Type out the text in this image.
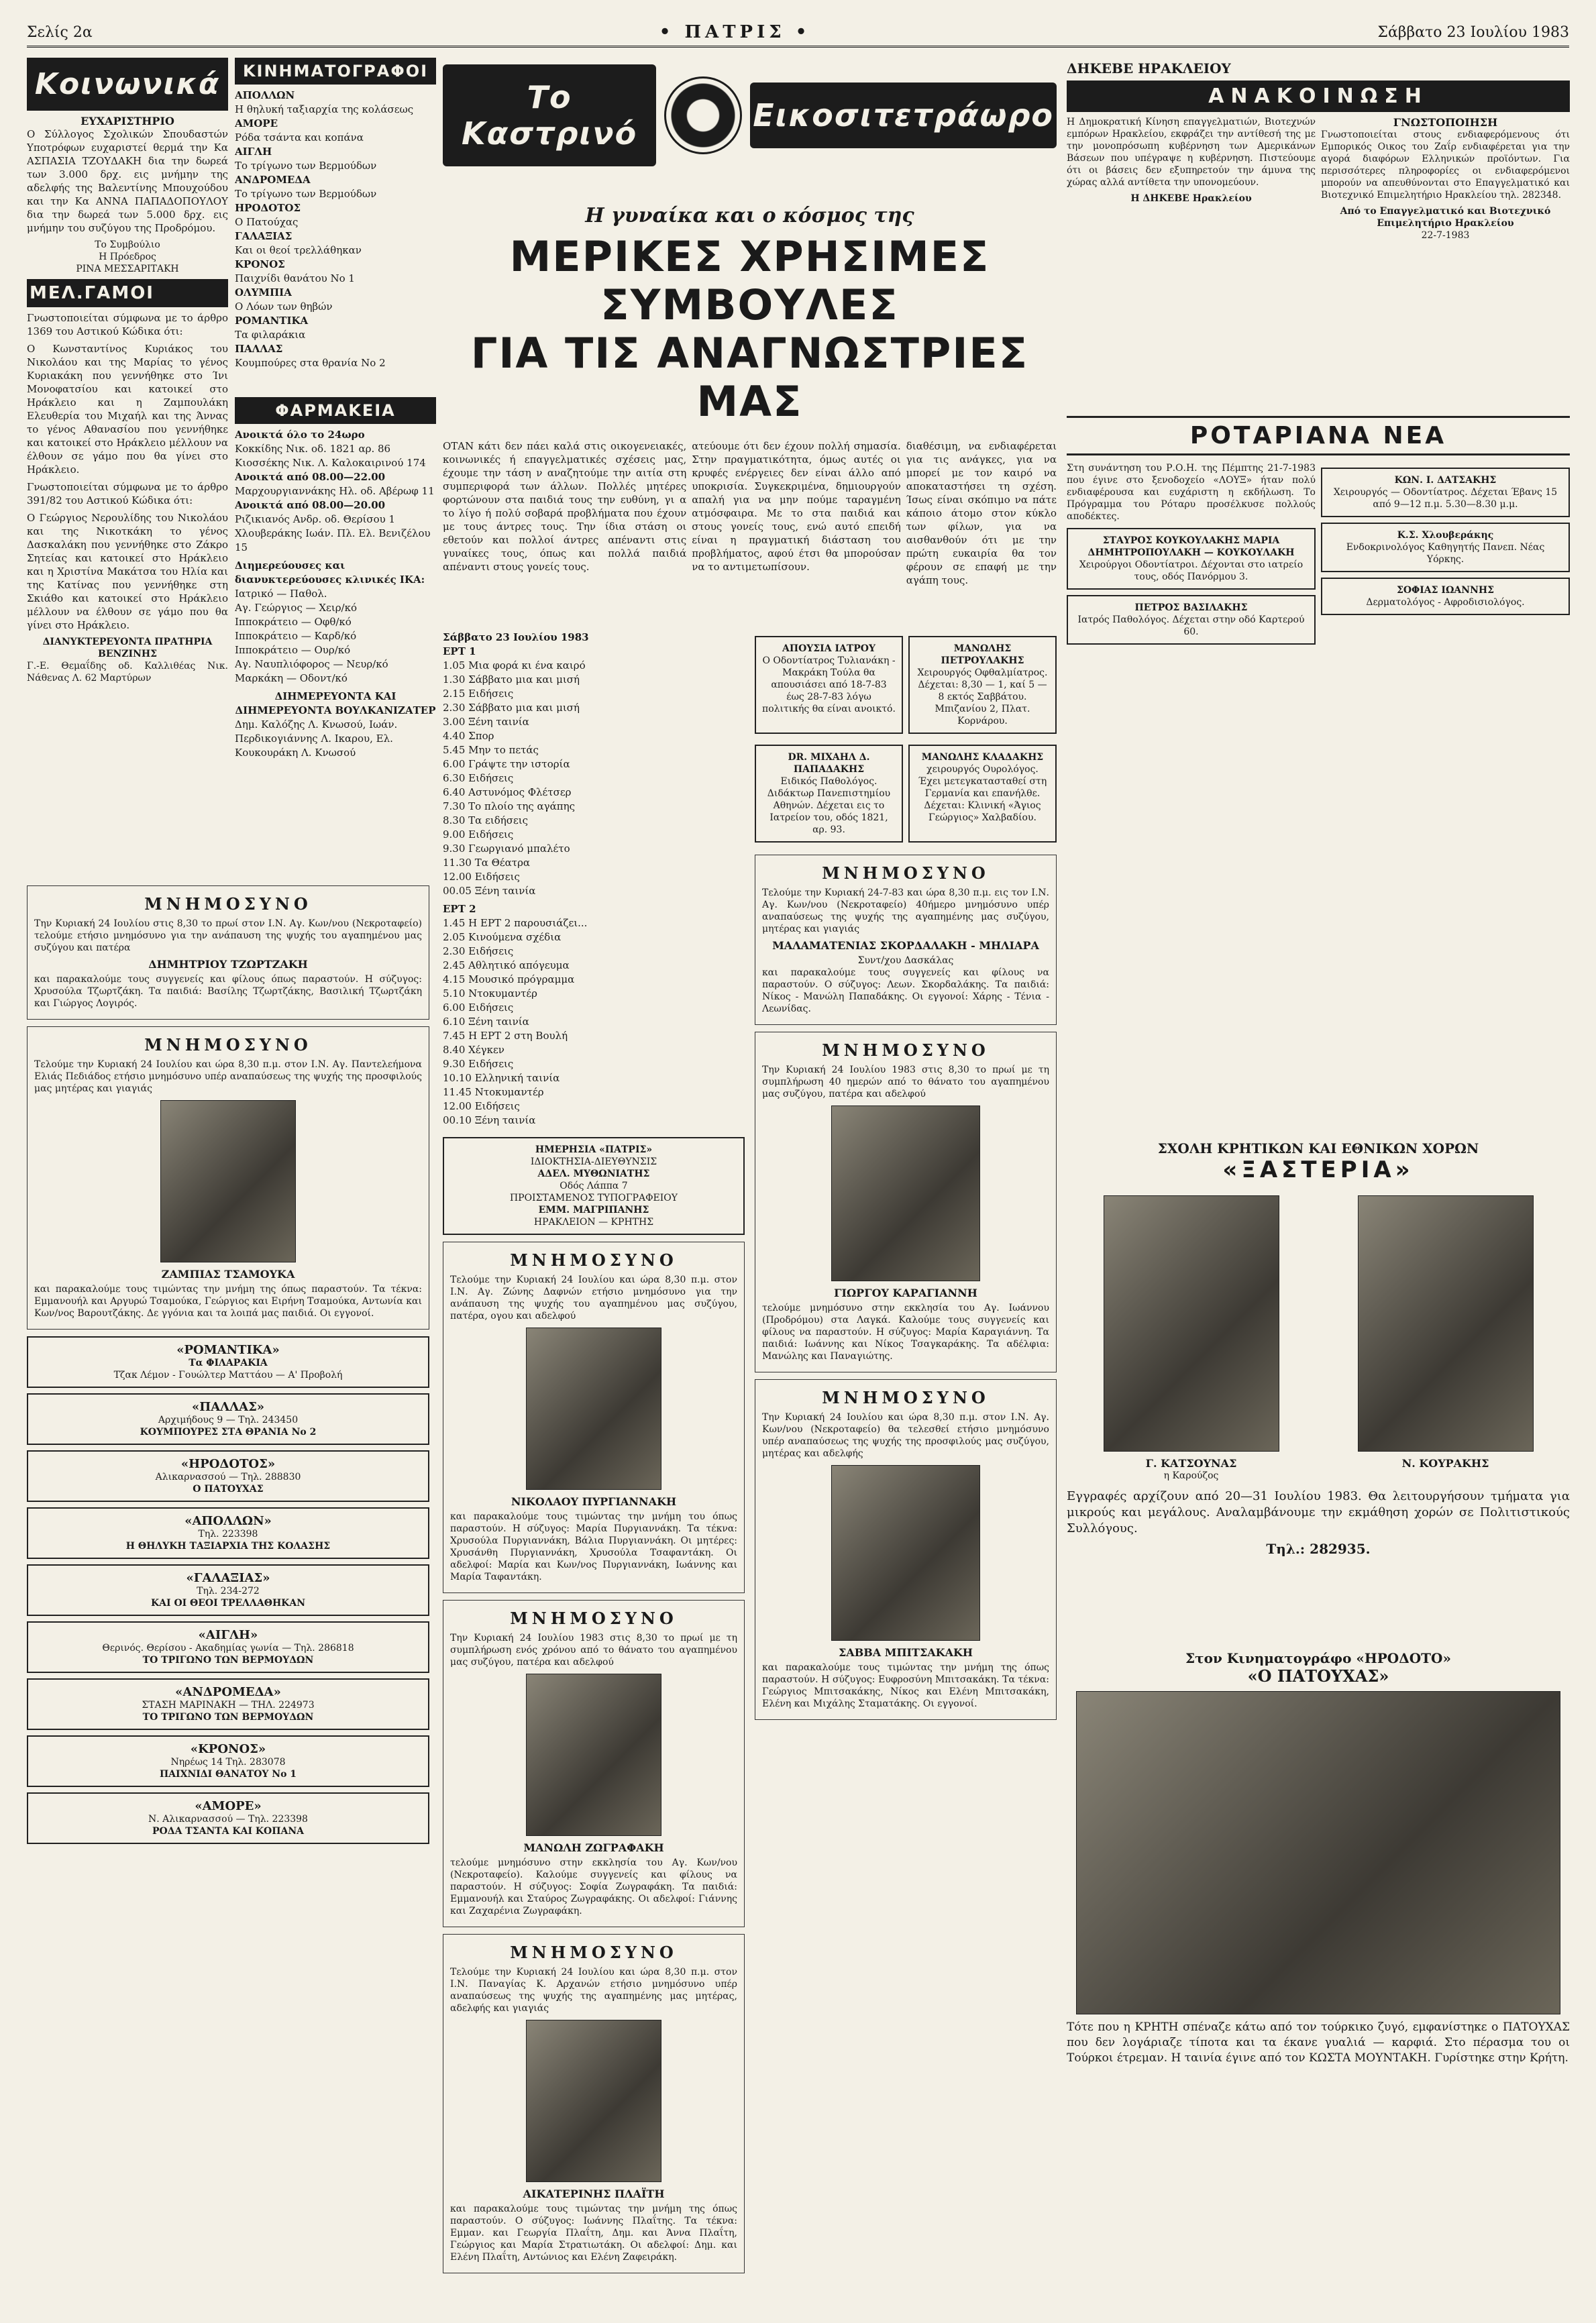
Σελίς 2α	• ΠΑΤΡΙΣ •	Σάββατο 23 Ιουλίου 1983
Κοινωνικά
ΕΥΧΑΡΙΣΤΗΡΙΟ

Ο Σύλλογος Σχολικών Σπουδαστών Υποτρόφων ευχαριστεί θερμά την Κα ΑΣΠΑΣΙΑ ΤΖΟΥΔΑΚΗ δια την δωρεά των 3.000 δρχ. εις μνήμην της αδελφής της Βαλεντίνης Μπουχούδου και την Κα ΑΝΝΑ ΠΑΠΑΔΟΠΟΥΛΟΥ δια την δωρεά των 5.000 δρχ. εις μνήμην του συζύγου της Προδρόμου.

Το Συμβούλιο
Η Πρόεδρος
ΡΙΝΑ ΜΕΣΣΑΡΙΤΑΚΗ
ΜΕΛ.ΓΑΜΟΙ

Γνωστοποιείται σύμφωνα με το άρθρο 1369 του Αστικού Κώδικα ότι:

Ο Κωνσταντίνος Κυριάκος του Νικολάου και της Μαρίας το γένος Κυριακάκη που γεννήθηκε στο Ίνι Μονοφατσίου και κατοικεί στο Ηράκλειο και η Ζαμπουλάκη Ελευθερία του Μιχαήλ και της Άννας το γένος Αθανασίου που γεννήθηκε και κατοικεί στο Ηράκλειο μέλλουν να έλθουν σε γάμο που θα γίνει στο Ηράκλειο.

Γνωστοποιείται σύμφωνα με το άρθρο 391/82 του Αστικού Κώδικα ότι:

Ο Γεώργιος Νερουλίδης του Νικολάου και της Νικοτκάκη το γένος Δασκαλάκη που γεννήθηκε στο Ζάκρο Σητείας και κατοικεί στο Ηράκλειο και η Χριστίνα Μακάτσα του Ηλία και της Κατίνας που γεννήθηκε στη Σκιάθο και κατοικεί στο Ηράκλειο μέλλουν να έλθουν σε γάμο που θα γίνει στο Ηράκλειο.

ΔΙΑΝΥΚΤΕΡΕΥΟΝΤΑ ΠΡΑΤΗΡΙΑ ΒΕΝΖΙΝΗΣ

Γ.-Ε. Θεμαΐδης οδ. Καλλιθέας Νικ. Νάθενας Λ. 62 Μαρτύρων

ΚΙΝΗΜΑΤΟΓΡΑΦΟΙ
ΑΠΟΛΛΩΝ
Η θηλυκή ταξιαρχία της κολάσεως
ΑΜΟΡΕ
Ρόδα τσάντα και κοπάνα
ΑΙΓΛΗ
Το τρίγωνο των Βερμούδων
ΑΝΔΡΟΜΕΔΑ
Το τρίγωνο των Βερμούδων
ΗΡΟΔΟΤΟΣ
Ο Πατούχας
ΓΑΛΑΞΙΑΣ
Και οι θεοί τρελλάθηκαν
ΚΡΟΝΟΣ
Παιχνίδι θανάτου Νο 1
ΟΛΥΜΠΙΑ
Ο Λόων των θηβών
ΡΟΜΑΝΤΙΚΑ
Τα φιλαράκια
ΠΑΛΛΑΣ
Κουμπούρες στα θρανία Νο 2
ΦΑΡΜΑΚΕΙΑ
Ανοικτά όλο το 24ωρο
Κοκκίδης Νικ. οδ. 1821 αρ. 86
Κιοσσέκης Νικ. Λ. Καλοκαιρινού 174
Ανοικτά από 08.00—22.00
Μαρχουργιαννάκης Ηλ. οδ. Αβέρωφ 11
Ανοικτά από 08.00—20.00
Ριζικιανός Ανδρ. οδ. Θερίσου 1
Χλουβεράκης Ιωάν. Πλ. Ελ. Βενιζέλου 15
Διημερεύουσες και διανυκτερεύουσες κλινικές ΙΚΑ:
Ιατρικό — Παθολ.
Αγ. Γεώργιος — Χειρ/κό
Ιπποκράτειο — Οφθ/κό
Ιπποκράτειο — Καρδ/κό
Ιπποκράτειο — Ουρ/κό
Αγ. Ναυπλιόφορος — Νευρ/κό
Μαρκάκη — Οδοντ/κό
ΔΙΗΜΕΡΕΥΟΝΤΑ ΚΑΙ ΔΙΗΜΕΡΕΥΟΝΤΑ ΒΟΥΛΚΑΝΙΖΑΤΕΡ
Δημ. Καλόζης Λ. Κνωσού, Ιωάν. Περδικογιάννης Λ. Ικαρου, Ελ. Κουκουράκη Λ. Κνωσού
Το Καστρινό	Εικοσιτετράωρο
Η γυναίκα και ο κόσμος της
ΜΕΡΙΚΕΣ ΧΡΗΣΙΜΕΣ ΣΥΜΒΟΥΛΕΣ
ΓΙΑ ΤΙΣ ΑΝΑΓΝΩΣΤΡΙΕΣ ΜΑΣ

ΟΤΑΝ κάτι δεν πάει καλά στις οικογενειακές, κοινωνικές ή επαγγελματικές σχέσεις μας, έχουμε την τάση ν αναζητούμε την αιτία στη συμπεριφορά των άλλων. Πολλές μητέρες φορτώνουν στα παιδιά τους την ευθύνη, γι α το λίγο ή πολύ σοβαρά προβλήματα που έχουν με τους άντρες τους. Την ίδια στάση οι εθετούν και πολλοί άντρες απέναντι στις γυναίκες τους, όπως και πολλά παιδιά απέναντι στους γονείς τους.

ατεύουμε ότι δεν έχουν πολλή σημασία. Στην πραγματικότητα, όμως αυτές οι κρυφές ενέργειες δεν είναι άλλο από υποκρισία. Συγκεκριμένα, δημιουργούν απαλή για να μην πούμε ταραγμένη ατμόσφαιρα. Με το στα παιδιά και στους γονείς τους, ενώ αυτό επειδή είναι η πραγματική διάσταση του προβλήματος, αφού έτσι θα μπορούσαν να το αντιμετωπίσουν.

διαθέσιμη, να ενδιαφέρεται για τις ανάγκες, για να μπορεί με τον καιρό να αποκαταστήσει τη σχέση. Ίσως είναι σκόπιμο να πάτε κάποιο άτομο στον κύκλο των φίλων, για να αισθανθούν ότι με την πρώτη ευκαιρία θα τον φέρουν σε επαφή με την αγάπη τους.

Σάββατο 23 Ιουλίου 1983
ΕΡΤ 1
1.05 Μια φορά κι ένα καιρό
1.30 Σάββατο μια και μισή
2.15 Ειδήσεις
2.30 Σάββατο μια και μισή
3.00 Ξένη ταινία
4.40 Σπορ
5.45 Μην το πετάς
6.00 Γράψτε την ιστορία
6.30 Ειδήσεις
6.40 Αστυνόμος Φλέτσερ
7.30 Το πλοίο της αγάπης
8.30 Τα ειδήσεις
9.00 Ειδήσεις
9.30 Γεωργιανό μπαλέτο
11.30 Τα Θέατρα
12.00 Ειδήσεις
00.05 Ξένη ταινία
ΕΡΤ 2
1.45 Η ΕΡΤ 2 παρουσιάζει...
2.05 Κινούμενα σχέδια
2.30 Ειδήσεις
2.45 Αθλητικό απόγευμα
4.15 Μουσικό πρόγραμμα
5.10 Ντοκυμαντέρ
6.00 Ειδήσεις
6.10 Ξένη ταινία
7.45 Η ΕΡΤ 2 στη Βουλή
8.40 Χέγκεν
9.30 Ειδήσεις
10.10 Ελληνική ταινία
11.45 Ντοκυμαντέρ
12.00 Ειδήσεις
00.10 Ξένη ταινία
ΗΜΕΡΗΣΙΑ «ΠΑΤΡΙΣ»
ΙΔΙΟΚΤΗΣΙΑ-ΔΙΕΥΘΥΝΣΙΣ
ΑΔΕΛ. ΜΥΘΩΝΙΑΤΗΣ
Οδός Λάππα 7
ΠΡΟΙΣΤΑΜΕΝΟΣ ΤΥΠΟΓΡΑΦΕΙΟΥ
ΕΜΜ. ΜΑΓΡΙΠΑΝΗΣ
ΗΡΑΚΛΕΙΟΝ — ΚΡΗΤΗΣ
ΜΝΗΜΟΣΥΝΟ

Τελούμε την Κυριακή 24 Ιουλίου και ώρα 8,30 π.μ. στον Ι.Ν. Αγ. Ζώνης Δαφνών ετήσιο μνημόσυνο για την ανάπαυση της ψυχής του αγαπημένου μας συζύγου, πατέρα, ογου και αδελφού

ΝΙΚΟΛΑΟΥ ΠΥΡΓΙΑΝΝΑΚΗ

και παρακαλούμε τους τιμώντας την μνήμη του όπως παραστούν. Η σύζυγος: Μαρία Πυργιαννάκη. Τα τέκνα: Χρυσούλα Πυργιαννάκη, Βάλια Πυργιαννάκη. Οι μητέρες: Χρυσάνθη Πυργιαννάκη, Χρυσούλα Τσαφαντάκη. Οι αδελφοί: Μαρία και Κων/νος Πυργιαννάκη, Ιωάννης και Μαρία Ταφαντάκη.

ΜΝΗΜΟΣΥΝΟ

Την Κυριακή 24 Ιουλίου 1983 στις 8,30 το πρωί με τη συμπλήρωση ενός χρόνου από το θάνατο του αγαπημένου μας συζύγου, πατέρα και αδελφού

ΜΑΝΩΛΗ ΖΩΓΡΑΦΑΚΗ

τελούμε μνημόσυνο στην εκκλησία του Αγ. Κων/νου (Νεκροταφείο). Καλούμε συγγενείς και φίλους να παραστούν. Η σύζυγος: Σοφία Ζωγραφάκη. Τα παιδιά: Εμμανουήλ και Σταύρος Ζωγραφάκης. Οι αδελφοί: Γιάννης και Ζαχαρένια Ζωγραφάκη.

ΜΝΗΜΟΣΥΝΟ

Τελούμε την Κυριακή 24 Ιουλίου και ώρα 8,30 π.μ. στον Ι.Ν. Παναγίας Κ. Αρχανών ετήσιο μνημόσυνο υπέρ αναπαύσεως της ψυχής της αγαπημένης μας μητέρας, αδελφής και γιαγιάς

ΑΙΚΑΤΕΡΙΝΗΣ ΠΛΑΪΤΗ

και παρακαλούμε τους τιμώντας την μνήμη της όπως παραστούν. Ο σύζυγος: Ιωάννης Πλαΐτης. Τα τέκνα: Εμμαν. και Γεωργία Πλαΐτη, Δημ. και Άννα Πλαΐτη, Γεώργιος και Μαρία Στρατιωτάκη. Οι αδελφοί: Δημ. και Ελένη Πλαΐτη, Αντώνιος και Ελένη Ζαφειράκη.

ΜΝΗΜΟΣΥΝΟ

Την Κυριακή 24 Ιουλίου στις 8,30 το πρωί στον Ι.Ν. Αγ. Κων/νου (Νεκροταφείο) τελούμε ετήσιο μνημόσυνο για την ανάπαυση της ψυχής του αγαπημένου μας συζύγου και πατέρα

ΔΗΜΗΤΡΙΟΥ ΤΖΩΡΤΖΑΚΗ

και παρακαλούμε τους συγγενείς και φίλους όπως παραστούν. Η σύζυγος: Χρυσούλα Τζωρτζάκη. Τα παιδιά: Βασίλης Τζωρτζάκης, Βασιλική Τζωρτζάκη και Γιώργος Λογιρός.

ΜΝΗΜΟΣΥΝΟ

Τελούμε την Κυριακή 24 Ιουλίου και ώρα 8,30 π.μ. στον Ι.Ν. Αγ. Παντελεήμονα Ελιάς Πεδιάδος ετήσιο μνημόσυνο υπέρ αναπαύσεως της ψυχής της προσφιλούς μας μητέρας και γιαγιάς

ΖΑΜΠΙΑΣ ΤΣΑΜΟΥΚΑ

και παρακαλούμε τους τιμώντας την μνήμη της όπως παραστούν. Τα τέκνα: Εμμανουήλ και Αργυρώ Τσαμούκα, Γεώργιος και Ειρήνη Τσαμούκα, Αντωνία και Κων/νος Βαρουτζάκης. Δε γγόνια και τα λοιπά μας παιδιά. Οι εγγονοί.

«ΡΟΜΑΝΤΙΚΑ»
Τα ΦΙΛΑΡΑΚΙΑ
Τζακ Λέμον - Γουώλτερ Ματτάου — Α' Προβολή
«ΠΑΛΛΑΣ»
Αρχιμήδους 9 — Τηλ. 243450
ΚΟΥΜΠΟΥΡΕΣ ΣΤΑ ΘΡΑΝΙΑ Νο 2
«ΗΡΟΔΟΤΟΣ»
Αλικαρνασσού — Τηλ. 288830
Ο ΠΑΤΟΥΧΑΣ
«ΑΠΟΛΛΩΝ»
Τηλ. 223398
Η ΘΗΛΥΚΗ ΤΑΞΙΑΡΧΙΑ ΤΗΣ ΚΟΛΑΣΗΣ
«ΓΑΛΑΞΙΑΣ»
Τηλ. 234-272
ΚΑΙ ΟΙ ΘΕΟΙ ΤΡΕΛΛΑΘΗΚΑΝ
«ΑΙΓΛΗ»
Θερινός. Θερίσου - Ακαδημίας γωνία — Τηλ. 286818
ΤΟ ΤΡΙΓΩΝΟ ΤΩΝ ΒΕΡΜΟΥΔΩΝ
«ΑΝΔΡΟΜΕΔΑ»
ΣΤΑΣΗ ΜΑΡΙΝΑΚΗ — ΤΗΛ. 224973
ΤΟ ΤΡΙΓΩΝΟ ΤΩΝ ΒΕΡΜΟΥΔΩΝ
«ΚΡΟΝΟΣ»
Νηρέως 14 Τηλ. 283078
ΠΑΙΧΝΙΔΙ ΘΑΝΑΤΟΥ Νο 1
«ΑΜΟΡΕ»
Ν. Αλικαρνασσού — Τηλ. 223398
ΡΟΔΑ ΤΣΑΝΤΑ ΚΑΙ ΚΟΠΑΝΑ
ΑΠΟΥΣΙΑ ΙΑΤΡΟΥ
Ο Οδοντίατρος Τυλιανάκη - Μακράκη Τούλα θα απουσιάσει από 18-7-83 έως 28-7-83 λόγω πολιτικής θα είναι ανοικτό.
ΜΑΝΩΛΗΣ ΠΕΤΡΟΥΛΑΚΗΣ
Χειρουργός Οφθαλμίατρος. Δέχεται: 8,30 — 1, καί 5 — 8 εκτός Σαββάτου. Μπιζανίου 2, Πλατ. Κορνάρου.
DR. ΜΙΧΑΗΛ Δ. ΠΑΠΑΔΑΚΗΣ
Ειδικός Παθολόγος. Διδάκτωρ Πανεπιστημίου Αθηνών. Δέχεται εις το Ιατρείον του, οδός 1821, αρ. 93.
ΜΑΝΩΛΗΣ ΚΛΑΔΑΚΗΣ
χειρουργός Ουρολόγος. Έχει μετεγκατασταθεί στη Γερμανία και επανήλθε. Δέχεται: Κλινική «Άγιος Γεώργιος» Χαλβαδίου.
ΜΝΗΜΟΣΥΝΟ

Τελούμε την Κυριακή 24-7-83 και ώρα 8,30 π.μ. εις τον Ι.Ν. Αγ. Κων/νου (Νεκροταφείο) 40ήμερο μνημόσυνο υπέρ αναπαύσεως της ψυχής της αγαπημένης μας συζύγου, μητέρας και γιαγιάς

ΜΑΛΑΜΑΤΕΝΙΑΣ ΣΚΟΡΔΑΛΑΚΗ - ΜΗΛΙΑΡΑ
Συντ/χου Δασκάλας

και παρακαλούμε τους συγγενείς και φίλους να παραστούν. Ο σύζυγος: Λεων. Σκορδαλάκης. Τα παιδιά: Νίκος - Μανώλη Παπαδάκης. Οι εγγονοί: Χάρης - Τένια - Λεωνίδας.

ΜΝΗΜΟΣΥΝΟ

Την Κυριακή 24 Ιουλίου 1983 στις 8,30 το πρωί με τη συμπλήρωση 40 ημερών από το θάνατο του αγαπημένου μας συζύγου, πατέρα και αδελφού

ΓΙΩΡΓΟΥ ΚΑΡΑΓΙΑΝΝΗ

τελούμε μνημόσυνο στην εκκλησία του Αγ. Ιωάννου (Προδρόμου) στα Λαγκά. Καλούμε τους συγγενείς και φίλους να παραστούν. Η σύζυγος: Μαρία Καραγιάννη. Τα παιδιά: Ιωάννης και Νίκος Τσαγκαράκης. Τα αδέλφια: Μανώλης και Παναγιώτης.

ΜΝΗΜΟΣΥΝΟ

Την Κυριακή 24 Ιουλίου και ώρα 8,30 π.μ. στον Ι.Ν. Αγ. Κων/νου (Νεκροταφείο) θα τελεσθεί ετήσιο μνημόσυνο υπέρ αναπαύσεως της ψυχής της προσφιλούς μας συζύγου, μητέρας και αδελφής

ΣΑΒΒΑ ΜΠΙΤΣΑΚΑΚΗ

και παρακαλούμε τους τιμώντας την μνήμη της όπως παραστούν. Η σύζυγος: Ευφροσύνη Μπιτσακάκη. Τα τέκνα: Γεώργιος Μπιτσακάκης, Νίκος και Ελένη Μπιτσακάκη, Ελένη και Μιχάλης Σταματάκης. Οι εγγονοί.

ΔΗΚΕΒΕ ΗΡΑΚΛΕΙΟΥ
ΑΝΑΚΟΙΝΩΣΗ

Η Δημοκρατική Κίνηση επαγγελματιών, Βιοτεχνών εμπόρων Ηρακλείου, εκφράζει την αντίθεσή της με την μονοπρόσωπη κυβέρνηση των Αμερικάνων Βάσεων που υπέγραψε η κυβέρνηση. Πιστεύουμε ότι οι βάσεις δεν εξυπηρετούν την άμυνα της χώρας αλλά αντίθετα την υπονομεύουν.

Η ΔΗΚΕΒΕ Ηρακλείου
ΓΝΩΣΤΟΠΟΙΗΣΗ

Γνωστοποιείται στους ενδιαφερόμενους ότι Εμπορικός Οικος του Ζαΐρ ενδιαφέρεται για την αγορά διαφόρων Ελληνικών προϊόντων. Για περισσότερες πληροφορίες οι ενδιαφερόμενοι μπορούν να απευθύνονται στο Επαγγελματικό και Βιοτεχνικό Επιμελητήριο Ηρακλείου τηλ. 282348.

Από το Επαγγελματικό και Βιοτεχνικό Επιμελητήριο Ηρακλείου
22-7-1983
ΡΟΤΑΡΙΑΝΑ ΝΕΑ

Στη συνάντηση του Ρ.Ο.Η. της Πέμπτης 21-7-1983 που έγινε στο ξενοδοχείο «ΛΟΥΞ» ήταν πολύ ενδιαφέρουσα και ευχάριστη η εκδήλωση. Το Πρόγραμμα του Ρόταρυ προσέλκυσε πολλούς αποδέκτες.

ΣΤΑΥΡΟΣ ΚΟΥΚΟΥΛΑΚΗΣ ΜΑΡΙΑ ΔΗΜΗΤΡΟΠΟΥΛΑΚΗ — ΚΟΥΚΟΥΛΑΚΗ
Χειρούργοι Οδοντίατροι. Δέχονται στο ιατρείο τους, οδός Πανόρμου 3.
ΠΕΤΡΟΣ ΒΑΣΙΛΑΚΗΣ
Ιατρός Παθολόγος. Δέχεται στην οδό Καρτερού 60.
ΚΩΝ. Ι. ΔΑΤΣΑΚΗΣ
Χειρουργός — Οδοντίατρος. Δέχεται Έβανς 15 από 9—12 π.μ. 5.30—8.30 μ.μ.
Κ.Σ. Χλουβεράκης
Ενδοκρινολόγος Καθηγητής Πανεπ. Νέας Υόρκης.
ΣΟΦΙΑΣ ΙΩΑΝΝΗΣ
Δερματολόγος - Αφροδισιολόγος.
ΣΧΟΛΗ ΚΡΗΤΙΚΩΝ ΚΑΙ ΕΘΝΙΚΩΝ ΧΟΡΩΝ
«ΞΑΣΤΕΡΙΑ»
Γ. ΚΑΤΣΟΥΝΑΣ
η Καρούζος
Ν. ΚΟΥΡΑΚΗΣ

Εγγραφές αρχίζουν από 20—31 Ιουλίου 1983. Θα λειτουργήσουν τμήματα για μικρούς και μεγάλους. Αναλαμβάνουμε την εκμάθηση χορών σε Πολιτιστικούς Συλλόγους.

Τηλ.: 282935.
Στον Κινηματογράφο «ΗΡΟΔΟΤΟ»
«Ο ΠΑΤΟΥΧΑΣ»

Τότε που η ΚΡΗΤΗ σπέναζε κάτω από τον τούρκικο ζυγό, εμφανίστηκε ο ΠΑΤΟΥΧΑΣ που δεν λογάριαζε τίποτα και τα έκανε γυαλιά — καρφιά. Στο πέρασμα του οι Τούρκοι έτρεμαν. Η ταινία έγινε από τον ΚΩΣΤΑ ΜΟΥΝΤΑΚΗ. Γυρίστηκε στην Κρήτη.
